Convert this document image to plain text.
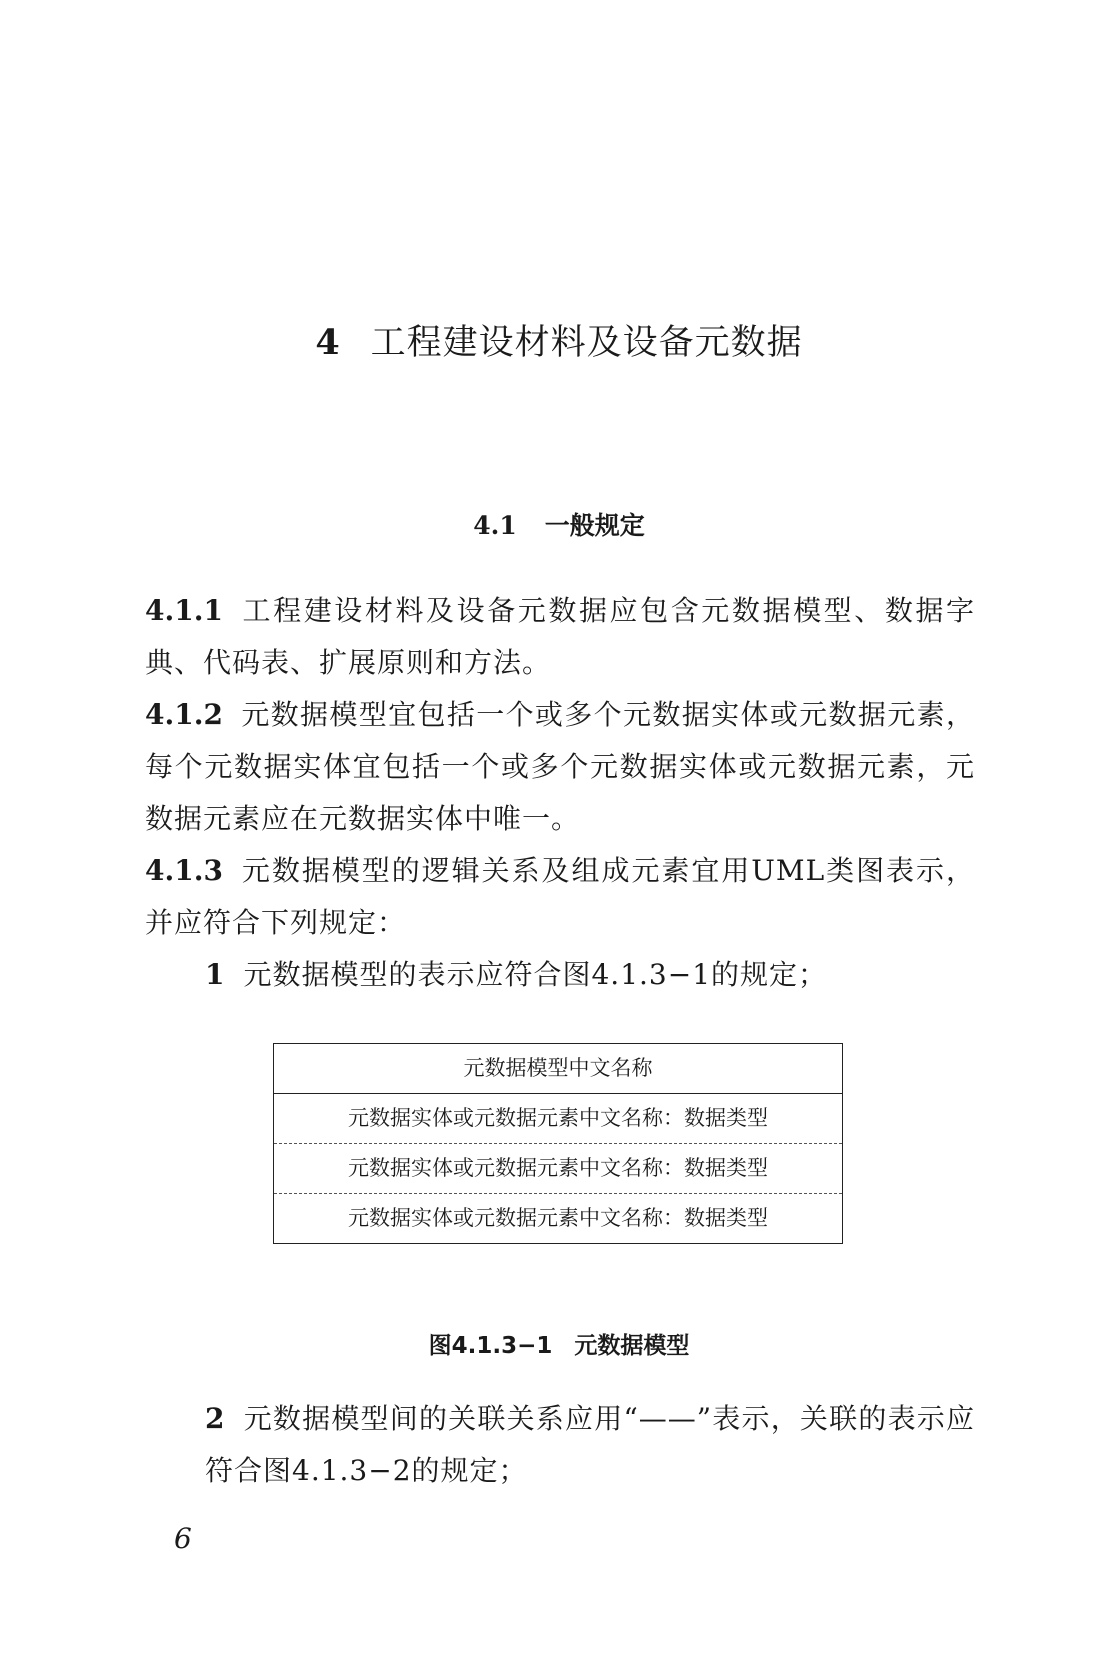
4 工程建设材料及设备元数据
4.1 一般规定

4.1.1 工程建设材料及设备元数据应包含元数据模型、数据字典、代码表、扩展原则和方法。

4.1.2 元数据模型宜包括一个或多个元数据实体或元数据元素，每个元数据实体宜包括一个或多个元数据实体或元数据元素，元数据元素应在元数据实体中唯一。

4.1.3 元数据模型的逻辑关系及组成元素宜用UML类图表示，并应符合下列规定：

1 元数据模型的表示应符合图4.1.3−1的规定；

元数据模型中文名称
元数据实体或元数据元素中文名称：数据类型
元数据实体或元数据元素中文名称：数据类型
元数据实体或元数据元素中文名称：数据类型
图4.1.3−1 元数据模型

2 元数据模型间的关联关系应用“——”表示，关联的表示应符合图4.1.3−2的规定；

6
